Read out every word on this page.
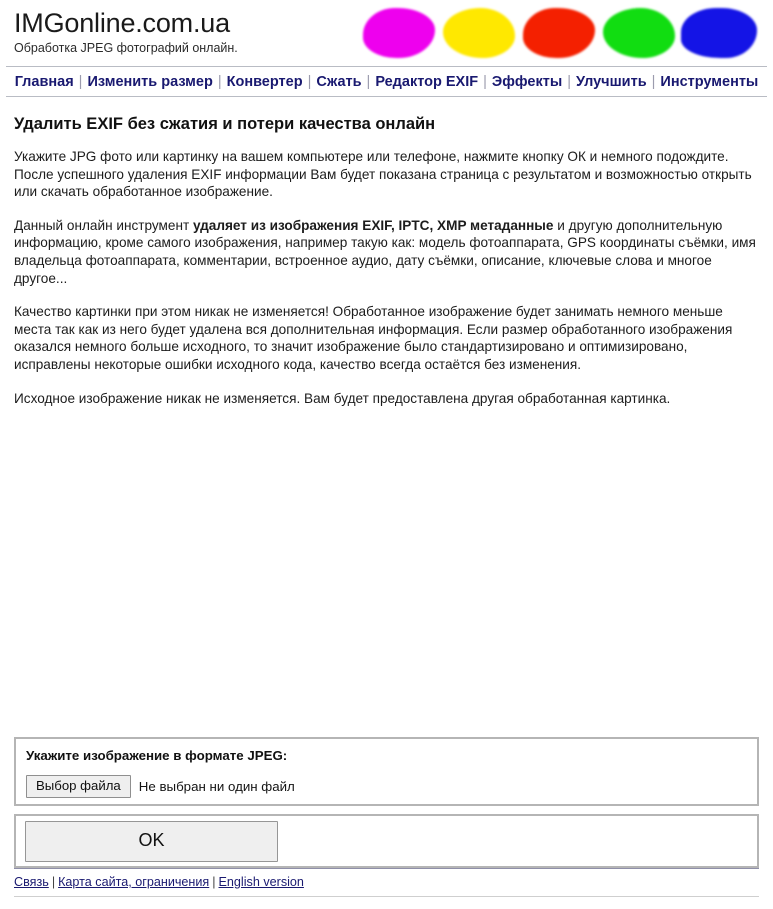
IMGonline.com.ua
Обработка JPEG фотографий онлайн.
Главная | Изменить размер | Конвертер | Сжать | Редактор EXIF | Эффекты | Улучшить | Инструменты
Удалить EXIF без сжатия и потери качества онлайн

Укажите JPG фото или картинку на вашем компьютере или телефоне, нажмите кнопку ОК и немного подождите. После успешного удаления EXIF информации Вам будет показана страница с результатом и возможностью открыть или скачать обработанное изображение.

Данный онлайн инструмент удаляет из изображения EXIF, IPTC, XMP метаданные и другую дополнительную информацию, кроме самого изображения, например такую как: модель фотоаппарата, GPS координаты съёмки, имя владельца фотоаппарата, комментарии, встроенное аудио, дату съёмки, описание, ключевые слова и многое другое...

Качество картинки при этом никак не изменяется! Обработанное изображение будет занимать немного меньше места так как из него будет удалена вся дополнительная информация. Если размер обработанного изображения оказался немного больше исходного, то значит изображение было стандартизировано и оптимизировано, исправлены некоторые ошибки исходного кода, качество всегда остаётся без изменения.

Исходное изображение никак не изменяется. Вам будет предоставлена другая обработанная картинка.

Укажите изображение в формате JPEG:
Выбор файла	Не выбран ни один файл
OK
Связь | Карта сайта, ограничения | English version
